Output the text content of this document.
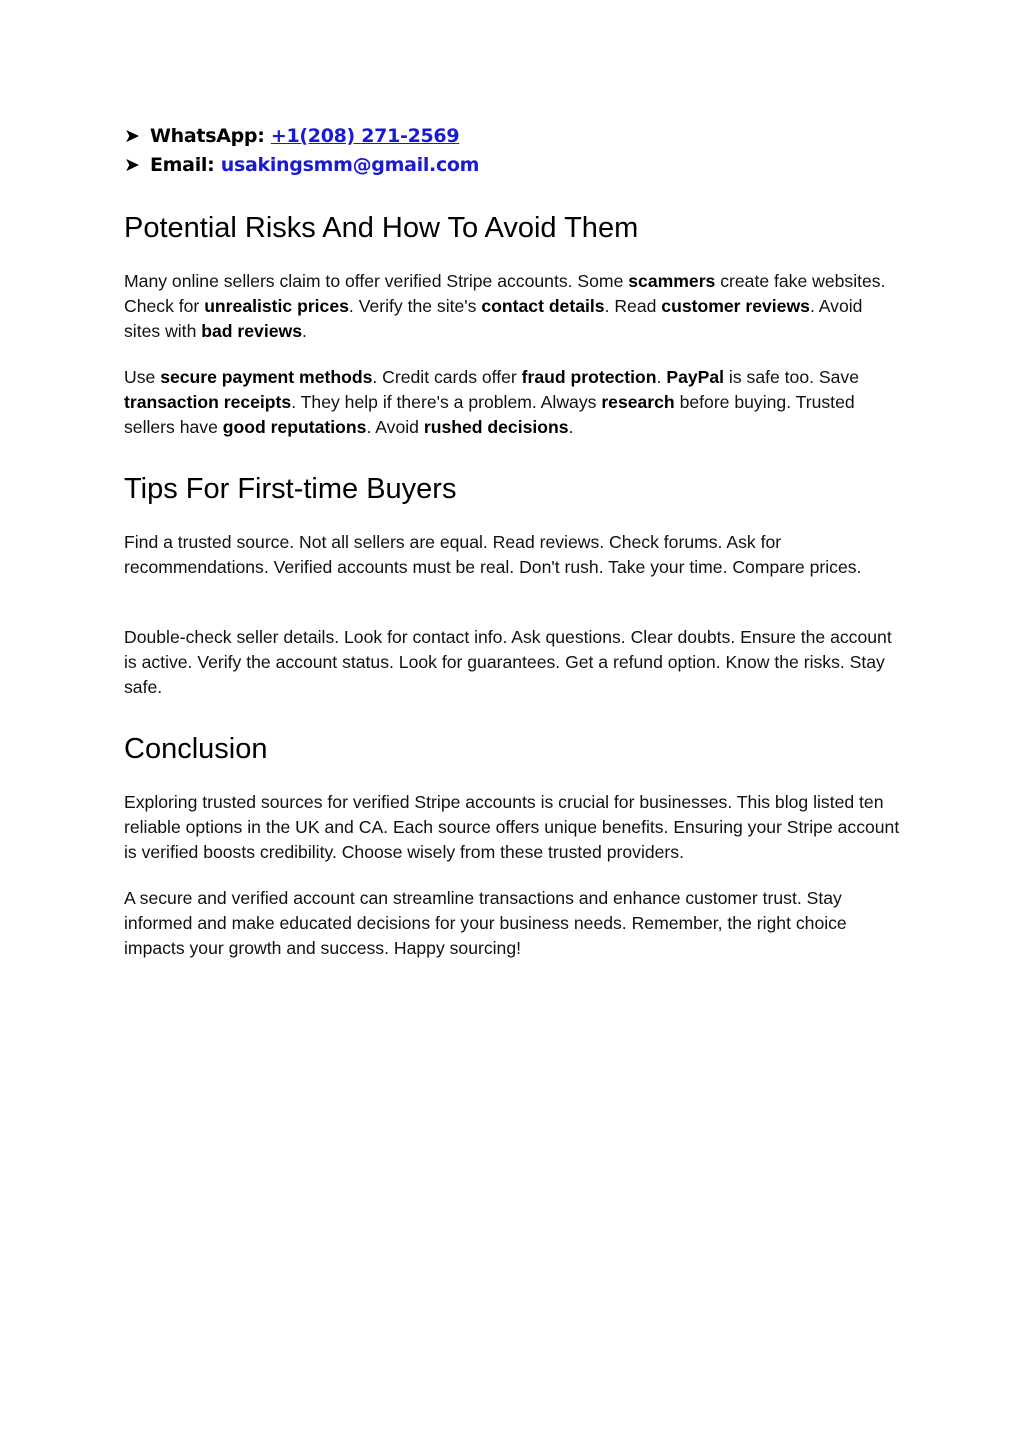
➤ WhatsApp: +1(208) 271-2569
➤ Email: usakingsmm@gmail.com
Potential Risks And How To Avoid Them

Many online sellers claim to offer verified Stripe accounts. Some scammers create fake websites. Check for unrealistic prices. Verify the site's contact details. Read customer reviews. Avoid sites with bad reviews.

Use secure payment methods. Credit cards offer fraud protection. PayPal is safe too. Save transaction receipts. They help if there's a problem. Always research before buying. Trusted sellers have good reputations. Avoid rushed decisions.

Tips For First-time Buyers

Find a trusted source. Not all sellers are equal. Read reviews. Check forums. Ask for recommendations. Verified accounts must be real. Don't rush. Take your time. Compare prices.

Double-check seller details. Look for contact info. Ask questions. Clear doubts. Ensure the account is active. Verify the account status. Look for guarantees. Get a refund option. Know the risks. Stay safe.

Conclusion

Exploring trusted sources for verified Stripe accounts is crucial for businesses. This blog listed ten reliable options in the UK and CA. Each source offers unique benefits. Ensuring your Stripe account is verified boosts credibility. Choose wisely from these trusted providers.

A secure and verified account can streamline transactions and enhance customer trust. Stay informed and make educated decisions for your business needs. Remember, the right choice impacts your growth and success. Happy sourcing!
